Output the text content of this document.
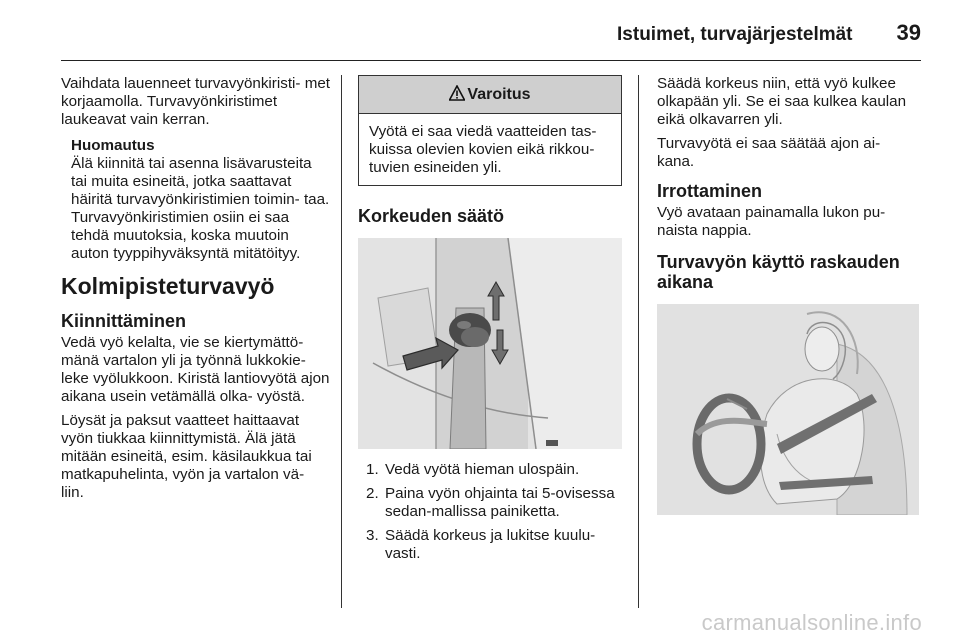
Istuimet, turvajärjestelmät 39

Vaihdata lauenneet turvavyönkiristi- met korjaamolla. Turvavyönkiristimet laukeavat vain kerran.

Huomautus
Älä kiinnitä tai asenna lisävarusteita tai muita esineitä, jotka saattavat häiritä turvavyönkiristimien toimin- taa. Turvavyönkiristimien osiin ei saa tehdä muutoksia, koska muutoin auton tyyppihyväksyntä mitätöityy.
Kolmipisteturvavyö
Kiinnittäminen

Vedä vyö kelalta, vie se kiertymättö- mänä vartalon yli ja työnnä lukkokie- leke vyölukkoon. Kiristä lantiovyötä ajon aikana usein vetämällä olka- vyöstä.

Löysät ja paksut vaatteet haittaavat vyön tiukkaa kiinnittymistä. Älä jätä mitään esineitä, esim. käsilaukkua tai matkapuhelinta, vyön ja vartalon vä- liin.

Varoitus
Vyötä ei saa viedä vaatteiden tas- kuissa olevien kovien eikä rikkou- tuvien esineiden yli.
Korkeuden säätö
1. Vedä vyötä hieman ulospäin.
2. Paina vyön ohjainta tai 5-ovisessa sedan-mallissa painiketta.
3. Säädä korkeus ja lukitse kuulu- vasti.

Säädä korkeus niin, että vyö kulkee olkapään yli. Se ei saa kulkea kaulan eikä olkavarren yli.

Turvavyötä ei saa säätää ajon ai- kana.

Irrottaminen

Vyö avataan painamalla lukon pu- naista nappia.

Turvavyön käyttö raskauden aikana
carmanualsonline.info
